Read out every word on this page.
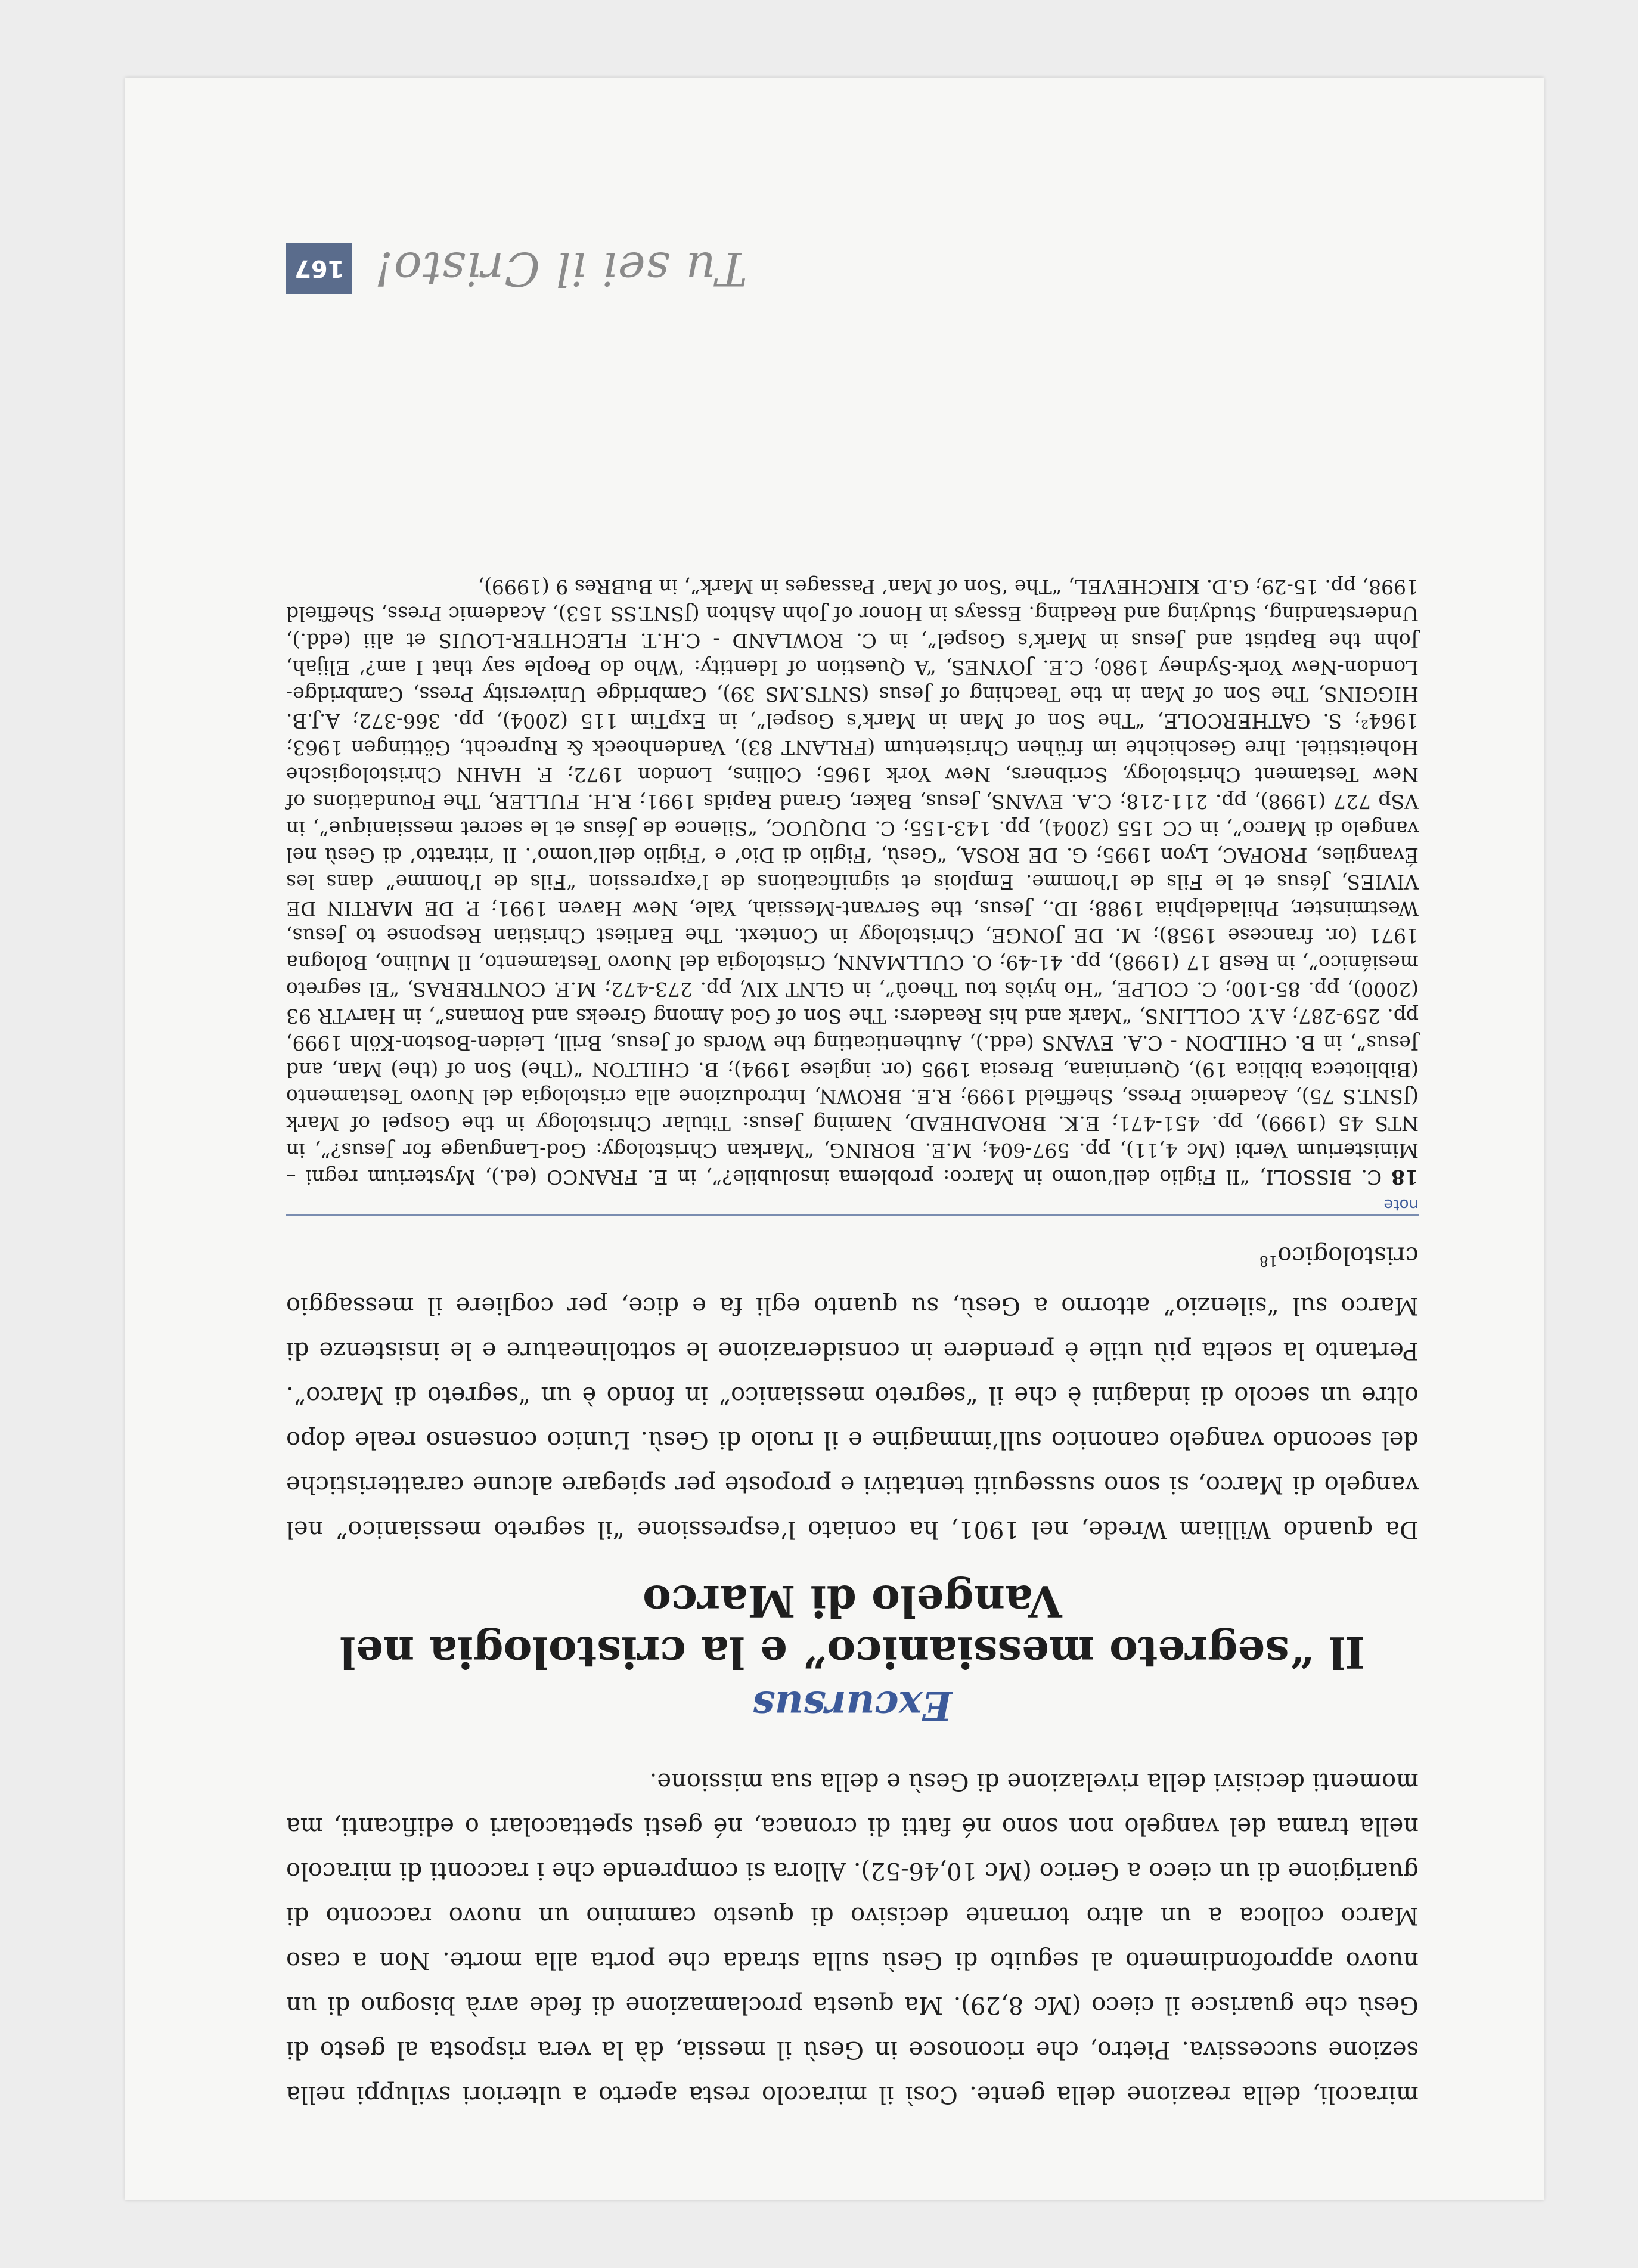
miracoli, della reazione della gente. Così il miracolo resta aperto a ulteriori sviluppi nella sezione successiva. Pietro, che riconosce in Gesù il messia, dà la vera risposta al gesto di Gesù che guarisce il cieco (Mc 8,29). Ma questa proclamazione di fede avrà bisogno di un nuovo approfondimento al seguito di Gesù sulla strada che porta alla morte. Non a caso Marco colloca a un altro tornante decisivo di questo cammino un nuovo racconto di guarigione di un cieco a Gerico (Mc 10,46-52). Allora si comprende che i racconti di miracolo nella trama del vangelo non sono né fatti di cronaca, né gesti spettacolari o edificanti, ma momenti decisivi della rivelazione di Gesù e della sua missione.

Excursus
Il “segreto messianico” e la cristologia nel Vangelo di Marco

Da quando William Wrede, nel 1901, ha coniato l’espressione “il segreto messianico” nel vangelo di Marco, si sono susseguiti tentativi e proposte per spiegare alcune caratteristiche del secondo vangelo canonico sull’immagine e il ruolo di Gesù. L’unico consenso reale dopo oltre un secolo di indagini è che il “segreto messianico” in fondo è un “segreto di Marco”. Pertanto la scelta più utile è prendere in considerazione le sottolineature e le insistenze di Marco sul “silenzio” attorno a Gesù, su quanto egli fa e dice, per cogliere il messaggio cristologico$^{18}$

note

18 C. BISSOLI, “Il Figlio dell’uomo in Marco: problema insolubile?”, in E. FRANCO (ed.), Mysterium regni – Ministerium Verbi (Mc 4,11), pp. 597-604; M.E. BORING, “Markan Christology: God-Language for Jesus?”, in NTS 45 (1999), pp. 451-471; E.K. BROADHEAD, Naming Jesus: Titular Christology in the Gospel of Mark (JSNT.S 75), Academic Press, Sheffield 1999; R.E. BROWN, Introduzione alla cristologia del Nuovo Testamento (Biblioteca biblica 19), Queriniana, Brescia 1995 (or. inglese 1994); B. CHILTON “(The) Son of (the) Man, and Jesus”, in B. CHILDON - C.A. EVANS (edd.), Authenticating the Words of Jesus, Brill, Leiden-Boston-Köln 1999, pp. 259-287; A.Y. COLLINS, “Mark and his Readers: The Son of God Among Greeks and Romans”, in HarvTR 93 (2000), pp. 85-100; C. COLPE, “Ho hyiòs tou Theoû”, in GLNT XIV, pp. 273-472; M.F. CONTRERAS, “El segreto mesiánico”, in ResB 17 (1998), pp. 41-49; O. CULLMANN, Cristologia del Nuovo Testamento, Il Mulino, Bologna 1971 (or. francese 1958); M. DE JONGE, Christology in Context. The Earliest Christian Response to Jesus, Westminster, Philadelphia 1988; ID., Jesus, the Servant-Messiah, Yale, New Haven 1991; P. DE MARTIN DE VIVIES, Jésus et le Fils de l’homme. Emplois et significations de l’expression “Fils de l’homme” dans les Évangiles, PROFAC, Lyon 1995; G. DE ROSA, “Gesù, ‘Figlio di Dio’ e ‘Figlio dell’uomo’. Il ‘ritratto’ di Gesù nel vangelo di Marco”, in CC 155 (2004), pp. 143-155; C. DUQUOC, “Silence de Jésus et le secret messianique”, in VSp 727 (1998), pp. 211-218; C.A. EVANS, Jesus, Baker, Grand Rapids 1991; R.H. FULLER, The Foundations of New Testament Christology, Scribners, New York 1965; Collins, London 1972; F. HAHN Christologische Hoheitstitel. Ihre Geschichte im frühen Christentum (FRLANT 83), Vandenhoeck & Ruprecht, Göttingen 1963; 1964²; S. GATHERCOLE, “The Son of Man in Mark’s Gospel”, in ExpTim 115 (2004), pp. 366-372; A.J.B. HIGGINS, The Son of Man in the Teaching of Jesus (SNTS.MS 39), Cambridge University Press, Cambridge-London-New York-Sydney 1980; C.E. JOYNES, “A Question of Identity: ‘Who do People say that I am?’ Elijah, John the Baptist and Jesus in Mark’s Gospel”, in C. ROWLAND - C.H.T. FLECHTER-LOUIS et alii (edd.), Understanding, Studying and Reading. Essays in Honor of John Ashton (JSNT.SS 153), Academic Press, Sheffield 1998, pp. 15-29; G.D. KIRCHEVEL, “The ‘Son of Man’ Passages in Mark”, in BuBRes 9 (1999),

Tu sei il Cristo!
167
